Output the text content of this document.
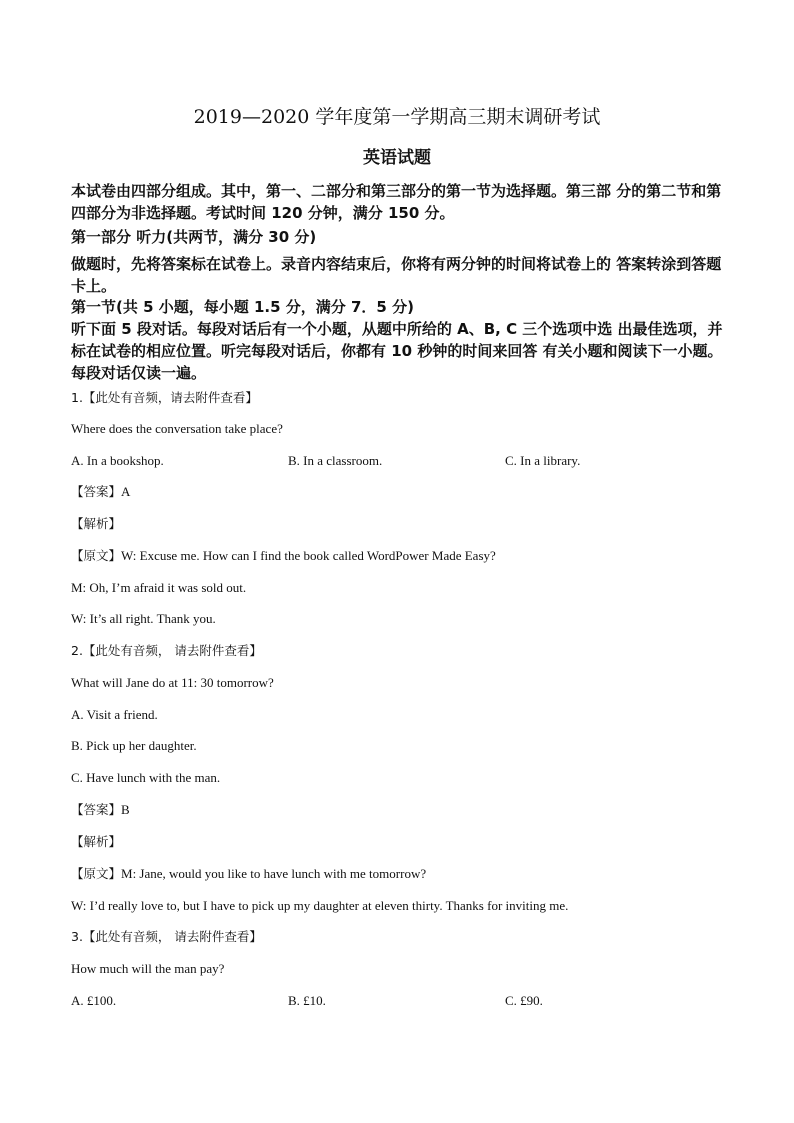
2019—2020 学年度第一学期高三期末调研考试
英语试题

本试卷由四部分组成。其中，第一、二部分和第三部分的第一节为选择题。第三部 分的第二节和第四部分为非选择题。考试时间 120 分钟，满分 150 分。

第一部分 听力(共两节，满分 30 分)

做题时，先将答案标在试卷上。录音内容结束后，你将有两分钟的时间将试卷上的 答案转涂到答题卡上。

第一节(共 5 小题，每小题 1.5 分，满分 7．5 分)

听下面 5 段对话。每段对话后有一个小题，从题中所给的 A、B, C 三个选项中选 出最佳选项，并标在试卷的相应位置。听完每段对话后，你都有 10 秒钟的时间来回答 有关小题和阅读下一小题。每段对话仅读一遍。

1.【此处有音频，请去附件查看】
Where does the conversation take place?
A. In a bookshop.	B. In a classroom.	C. In a library.
【答案】A
【解析】
【原文】W: Excuse me. How can I find the book called WordPower Made Easy?
M: Oh, I’m afraid it was sold out.
W: It’s all right. Thank you.
2.【此处有音频， 请去附件查看】
What will Jane do at 11: 30 tomorrow?
A. Visit a friend.
B. Pick up her daughter.
C. Have lunch with the man.
【答案】B
【解析】
【原文】M: Jane, would you like to have lunch with me tomorrow?
W: I’d really love to, but I have to pick up my daughter at eleven thirty. Thanks for inviting me.
3.【此处有音频， 请去附件查看】
How much will the man pay?
A. £100.	B. £10.	C. £90.
